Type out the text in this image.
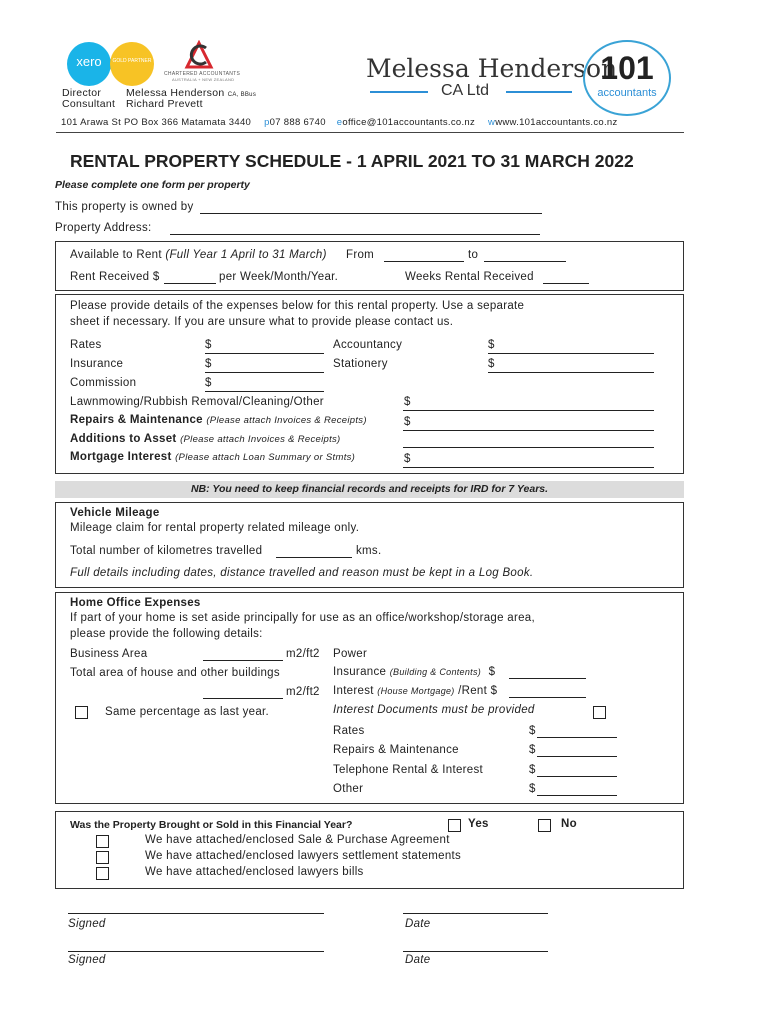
xero	GOLD PARTNER
CHARTERED ACCOUNTANTS
AUSTRALIA + NEW ZEALAND
Director
Consultant
Melessa Henderson CA, BBus
Richard Prevett
Melessa Henderson
CA Ltd
101
accountants
101 Arawa St PO Box 366 Matamata 3440 p07 888 6740 eoffice@101accountants.co.nz wwww.101accountants.co.nz
RENTAL PROPERTY SCHEDULE - 1 APRIL 2021 TO 31 MARCH 2022
Please complete one form per property
This property is owned by
Property Address:
Available to Rent (Full Year 1 April to 31 March) From	to
Rent Received $	per Week/Month/Year.	Weeks Rental Received
Please provide details of the expenses below for this rental property. Use a separate
sheet if necessary. If you are unsure what to provide please contact us.
Rates	$	Accountancy	$
Insurance	$	Stationery	$
Commission	$
Lawnmowing/Rubbish Removal/Cleaning/Other	$
Repairs & Maintenance (Please attach Invoices & Receipts)	$
Additions to Asset (Please attach Invoices & Receipts)
Mortgage Interest (Please attach Loan Summary or Stmts)	$
NB: You need to keep financial records and receipts for IRD for 7 Years.
Vehicle Mileage
Mileage claim for rental property related mileage only.
Total number of kilometres travelled	kms.
Full details including dates, distance travelled and reason must be kept in a Log Book.
Home Office Expenses
If part of your home is set aside principally for use as an office/workshop/storage area,
please provide the following details:
Business Area	m2/ft2
Total area of house and other buildings
m2/ft2
Same percentage as last year.
Power
Insurance (Building & Contents) $
Interest (House Mortgage) /Rent $
Interest Documents must be provided
Rates	$
Repairs & Maintenance	$
Telephone Rental & Interest	$
Other	$
Was the Property Brought or Sold in this Financial Year?	Yes	No
We have attached/enclosed Sale & Purchase Agreement
We have attached/enclosed lawyers settlement statements
We have attached/enclosed lawyers bills
Signed	Date
Signed	Date
